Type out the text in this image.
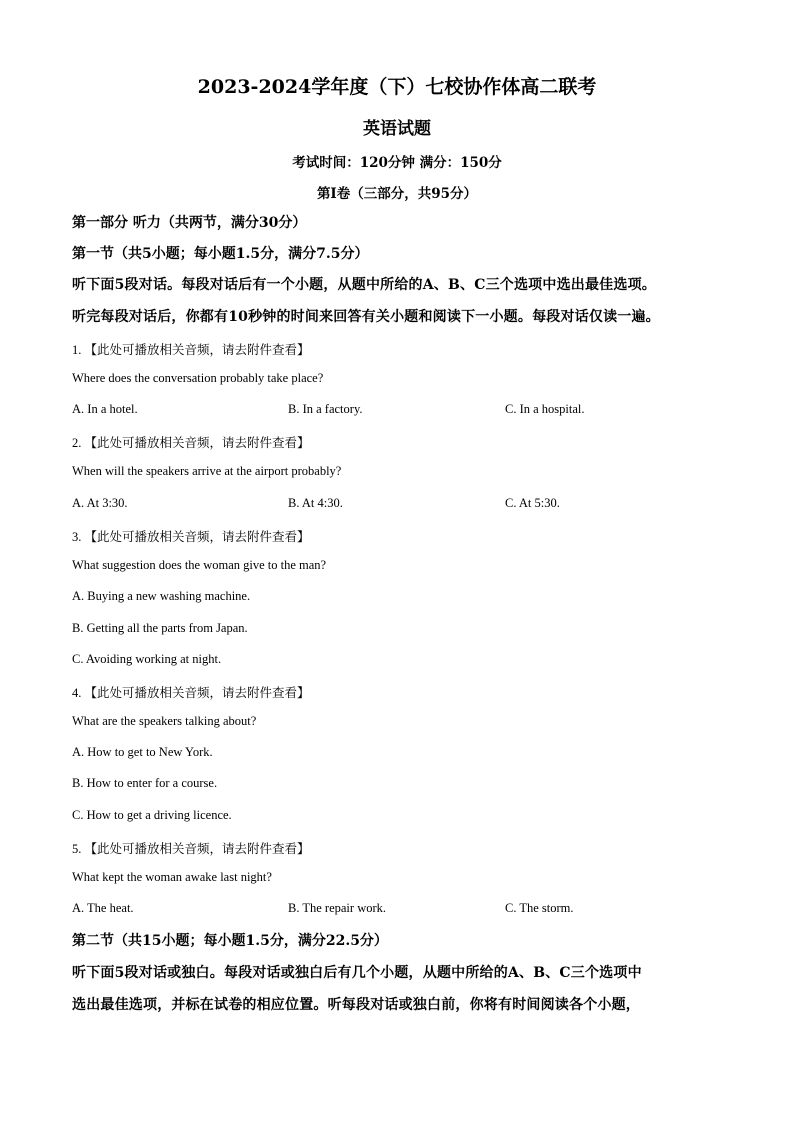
2023-2024学年度（下）七校协作体高二联考
英语试题
考试时间：120分钟 满分：150分
第I卷（三部分，共95分）
第一部分 听力（共两节，满分30分）
第一节（共5小题；每小题1.5分，满分7.5分）
听下面5段对话。每段对话后有一个小题，从题中所给的A、B、C三个选项中选出最佳选项。
听完每段对话后，你都有10秒钟的时间来回答有关小题和阅读下一小题。每段对话仅读一遍。
1. 【此处可播放相关音频，请去附件查看】
Where does the conversation probably take place?
A. In a hotel.	B. In a factory.	C. In a hospital.
2. 【此处可播放相关音频，请去附件查看】
When will the speakers arrive at the airport probably?
A. At 3:30.	B. At 4:30.	C. At 5:30.
3. 【此处可播放相关音频，请去附件查看】
What suggestion does the woman give to the man?
A. Buying a new washing machine.
B. Getting all the parts from Japan.
C. Avoiding working at night.
4. 【此处可播放相关音频，请去附件查看】
What are the speakers talking about?
A. How to get to New York.
B. How to enter for a course.
C. How to get a driving licence.
5. 【此处可播放相关音频，请去附件查看】
What kept the woman awake last night?
A. The heat.	B. The repair work.	C. The storm.
第二节（共15小题；每小题1.5分，满分22.5分）
听下面5段对话或独白。每段对话或独白后有几个小题，从题中所给的A、B、C三个选项中
选出最佳选项，并标在试卷的相应位置。听每段对话或独白前，你将有时间阅读各个小题，
